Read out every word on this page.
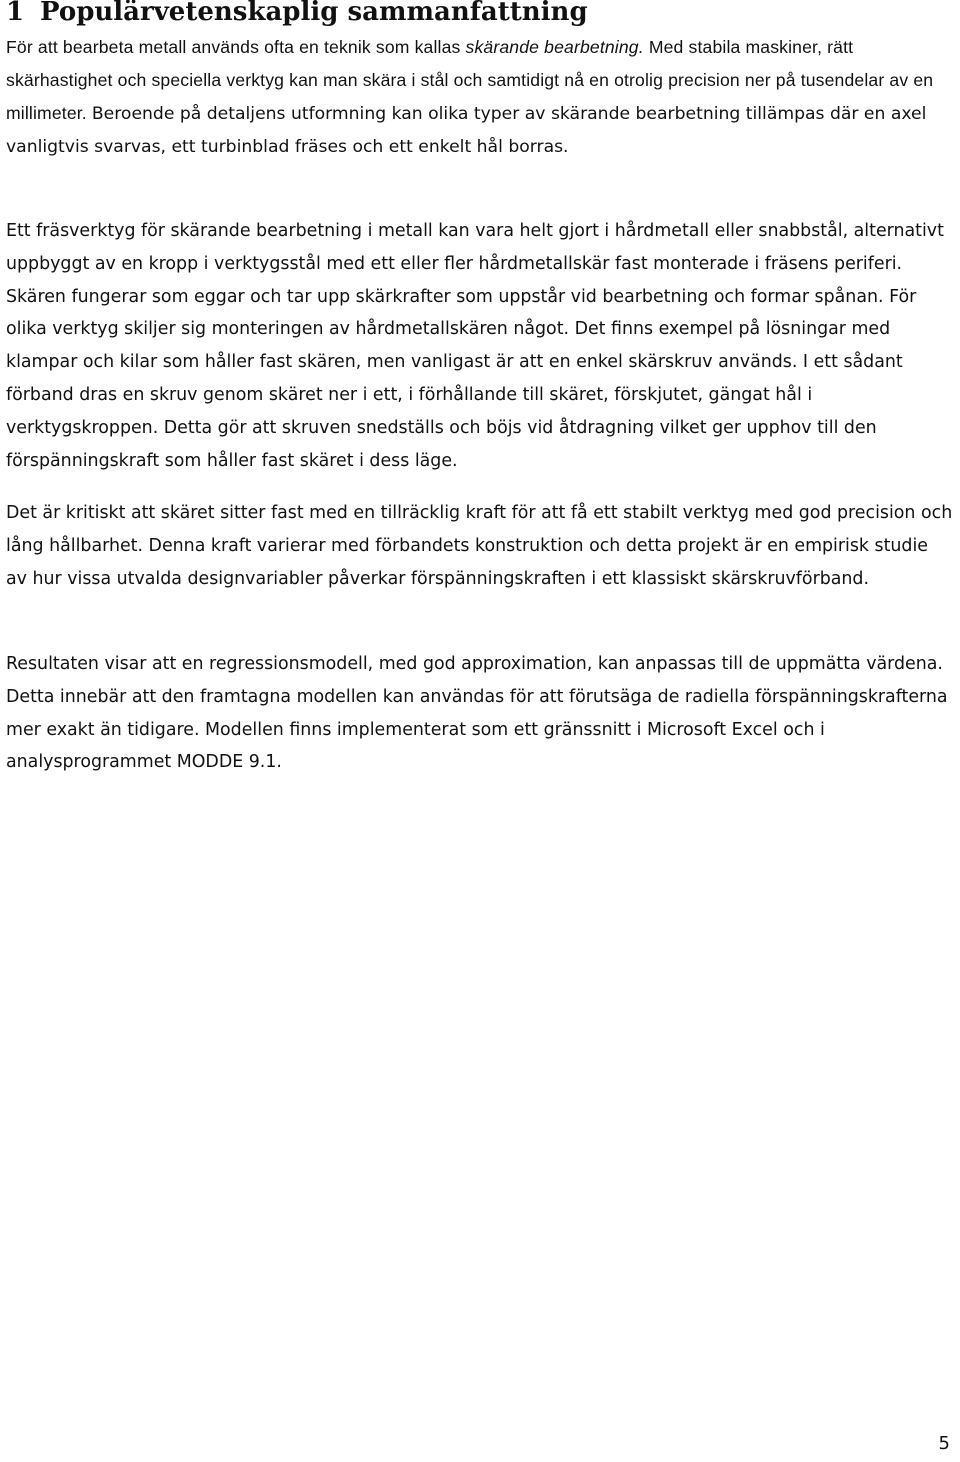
1 Populärvetenskaplig sammanfattning

För att bearbeta metall används ofta en teknik som kallas skärande bearbetning. Med stabila maskiner, rätt skärhastighet och speciella verktyg kan man skära i stål och samtidigt nå en otrolig precision ner på tusendelar av en millimeter. Beroende på detaljens utformning kan olika typer av skärande bearbetning tillämpas där en axel vanligtvis svarvas, ett turbinblad fräses och ett enkelt hål borras.

Ett fräsverktyg för skärande bearbetning i metall kan vara helt gjort i hårdmetall eller snabbstål, alternativt uppbyggt av en kropp i verktygsstål med ett eller fler hårdmetallskär fast monterade i fräsens periferi. Skären fungerar som eggar och tar upp skärkrafter som uppstår vid bearbetning och formar spånan. För olika verktyg skiljer sig monteringen av hårdmetallskären något. Det finns exempel på lösningar med klampar och kilar som håller fast skären, men vanligast är att en enkel skärskruv används. I ett sådant förband dras en skruv genom skäret ner i ett, i förhållande till skäret, förskjutet, gängat hål i verktygskroppen. Detta gör att skruven snedställs och böjs vid åtdragning vilket ger upphov till den förspänningskraft som håller fast skäret i dess läge.

Det är kritiskt att skäret sitter fast med en tillräcklig kraft för att få ett stabilt verktyg med god precision och lång hållbarhet. Denna kraft varierar med förbandets konstruktion och detta projekt är en empirisk studie av hur vissa utvalda designvariabler påverkar förspänningskraften i ett klassiskt skärskruvförband.

Resultaten visar att en regressionsmodell, med god approximation, kan anpassas till de uppmätta värdena. Detta innebär att den framtagna modellen kan användas för att förutsäga de radiella förspänningskrafterna mer exakt än tidigare. Modellen finns implementerat som ett gränssnitt i Microsoft Excel och i analysprogrammet MODDE 9.1.

5
